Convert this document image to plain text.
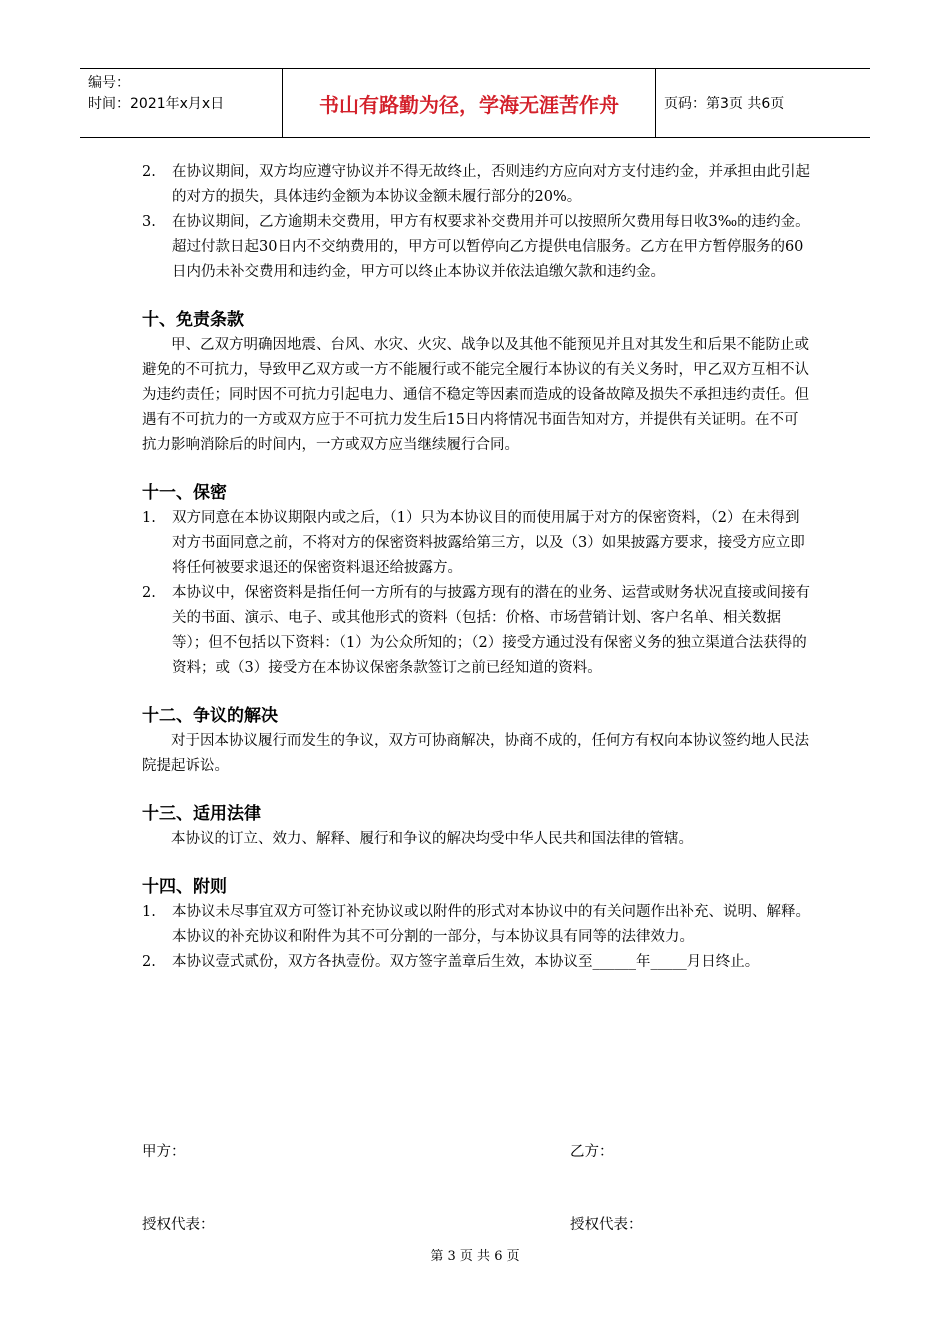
编号：
时间：2021年x月x日	书山有路勤为径，学海无涯苦作舟	页码：第3页 共6页
2. 在协议期间，双方均应遵守协议并不得无故终止，否则违约方应向对方支付违约金，并承担由此引起的对方的损失，具体违约金额为本协议金额未履行部分的20%。
3. 在协议期间，乙方逾期未交费用，甲方有权要求补交费用并可以按照所欠费用每日收3‰的违约金。超过付款日起30日内不交纳费用的，甲方可以暂停向乙方提供电信服务。乙方在甲方暂停服务的60日内仍未补交费用和违约金，甲方可以终止本协议并依法追缴欠款和违约金。
十、免责条款
甲、乙双方明确因地震、台风、水灾、火灾、战争以及其他不能预见并且对其发生和后果不能防止或避免的不可抗力，导致甲乙双方或一方不能履行或不能完全履行本协议的有关义务时，甲乙双方互相不认为违约责任；同时因不可抗力引起电力、通信不稳定等因素而造成的设备故障及损失不承担违约责任。但遇有不可抗力的一方或双方应于不可抗力发生后15日内将情况书面告知对方，并提供有关证明。在不可抗力影响消除后的时间内，一方或双方应当继续履行合同。
十一、保密
1. 双方同意在本协议期限内或之后，（1）只为本协议目的而使用属于对方的保密资料，（2）在未得到对方书面同意之前，不将对方的保密资料披露给第三方，以及（3）如果披露方要求，接受方应立即将任何被要求退还的保密资料退还给披露方。
2. 本协议中，保密资料是指任何一方所有的与披露方现有的潜在的业务、运营或财务状况直接或间接有关的书面、演示、电子、或其他形式的资料（包括：价格、市场营销计划、客户名单、相关数据等）；但不包括以下资料：（1）为公众所知的；（2）接受方通过没有保密义务的独立渠道合法获得的资料；或（3）接受方在本协议保密条款签订之前已经知道的资料。
十二、争议的解决
对于因本协议履行而发生的争议，双方可协商解决，协商不成的，任何方有权向本协议签约地人民法院提起诉讼。
十三、适用法律
本协议的订立、效力、解释、履行和争议的解决均受中华人民共和国法律的管辖。
十四、附则
1. 本协议未尽事宜双方可签订补充协议或以附件的形式对本协议中的有关问题作出补充、说明、解释。本协议的补充协议和附件为其不可分割的一部分，与本协议具有同等的法律效力。
2. 本协议壹式贰份，双方各执壹份。双方签字盖章后生效，本协议至______年_____月日终止。
甲方：	乙方：
授权代表：	授权代表：
第 3 页 共 6 页
